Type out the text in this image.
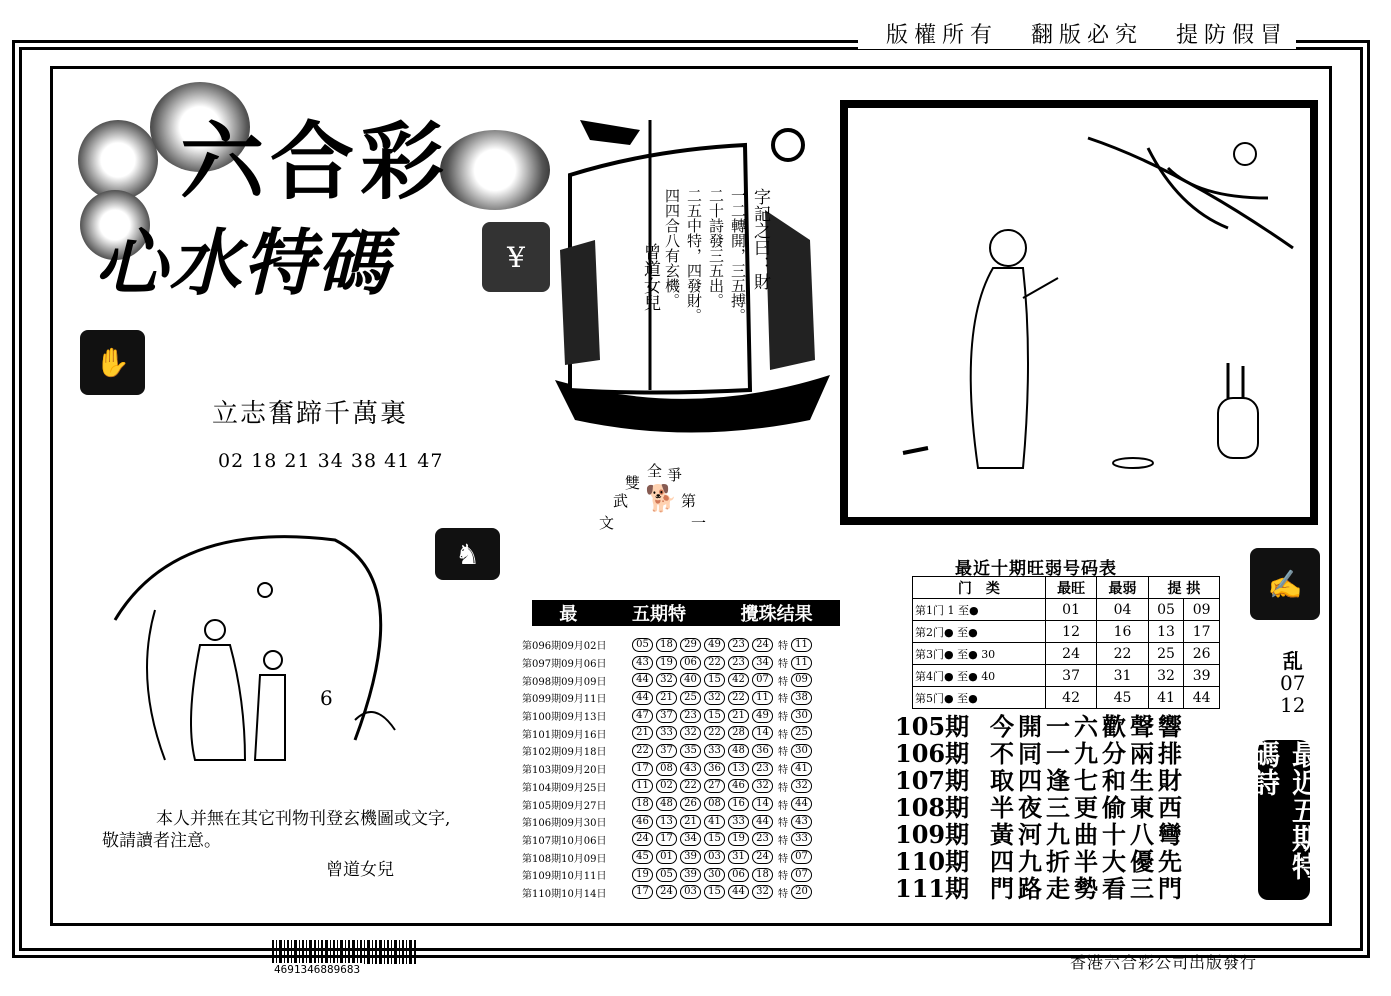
版權所有 翻版必究 提防假冒
六合彩
心水特碼	¥
✋
♞
✍
立志奮蹄千萬裏
02 18 21 34 38 41 47
字記之曰：財
一二轉開，三五搏。
二十詩發三五出。
二五中特，四發財。
四四合八有玄機。
曾道女兒
全 爭
雙
武	第
文	一
🐕
6
最	五期特	攪珠结果
第096期09月02日	05	18	29	49	23	24 特 11
第097期09月06日	43	19	06	22	23	34 特 11
第098期09月09日	44	32	40	15	42	07 特 09
第099期09月11日	44	21	25	32	22	11 特 38
第100期09月13日	47	37	23	15	21	49 特 30
第101期09月16日	21	33	32	22	28	14 特 25
第102期09月18日	22	37	35	33	48	36 特 30
第103期09月20日	17	08	43	36	13	23 特 41
第104期09月25日	11	02	22	27	46	32 特 32
第105期09月27日	18	48	26	08	16	14 特 44
第106期09月30日	46	13	21	41	33	44 特 43
第107期10月06日	24	17	34	15	19	23 特 33
第108期10月09日	45	01	39	03	31	24 特 07
第109期10月11日	19	05	39	30	06	18 特 07
第110期10月14日	17	24	03	15	44	32 特 20
最近十期旺弱号码表
门　类	最旺	最弱	提 拱	
第1门 1 至●	01	04	05	09
第2门● 至●	12	16	13	17
第3门● 至● 30	24	22	25	26
第4门● 至● 40	37	31	32	39
第5门● 至●	42	45	41	44
乱
07
12
105期 今開一六歡聲響
106期 不同一九分兩排
107期 取四逢七和生財
108期 半夜三更偷東西
109期 黃河九曲十八彎
110期 四九折半大優先
111期 門路走勢看三門
最近五期特碼詩
本人并無在其它刊物刊登玄機圖或文字,
敬請讀者注意。
曾道女兒
4691346889683	香港六合彩公司出版發行
